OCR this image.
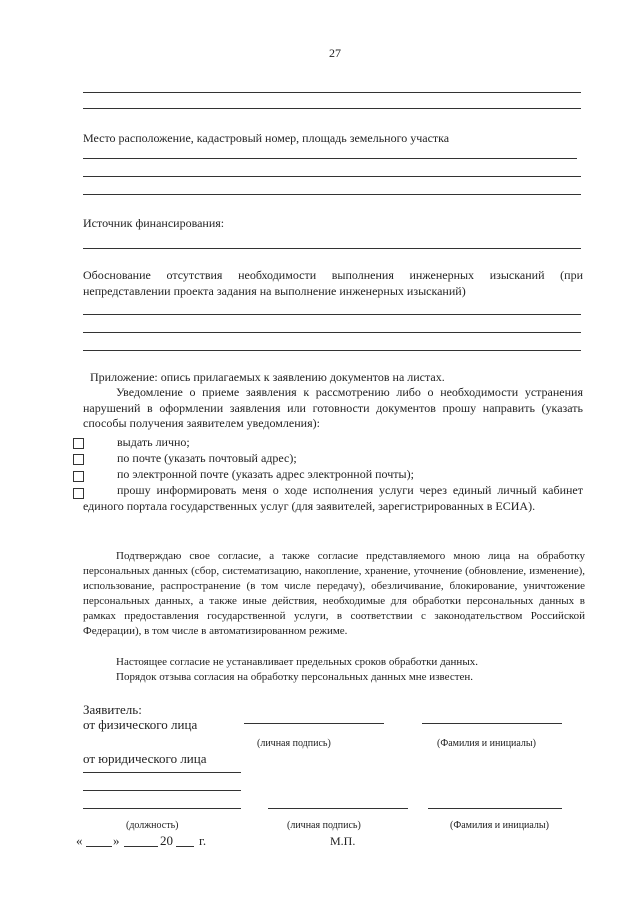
27
Место расположение, кадастровый номер, площадь земельного участка
Источник финансирования:
Обоснование отсутствия необходимости выполнения инженерных изысканий (при непредставлении проекта задания на выполнение инженерных изысканий)
Приложение: опись прилагаемых к заявлению документов на листах.
Уведомление о приеме заявления к рассмотрению либо о необходимости устранения нарушений в оформлении заявления или готовности документов прошу направить (указать способы получения заявителем уведомления):
выдать лично;
по почте (указать почтовый адрес);
по электронной почте (указать адрес электронной почты);
прошу информировать меня о ходе исполнения услуги через единый личный кабинет единого портала государственных услуг (для заявителей, зарегистрированных в ЕСИА).
Подтверждаю свое согласие, а также согласие представляемого мною лица на обработку персональных данных (сбор, систематизацию, накопление, хранение, уточнение (обновление, изменение), использование, распространение (в том числе передачу), обезличивание, блокирование, уничтожение персональных данных, а также иные действия, необходимые для обработки персональных данных в рамках предоставления государственной услуги, в соответствии с законодательством Российской Федерации), в том числе в автоматизированном режиме.
Настоящее согласие не устанавливает предельных сроков обработки данных.
Порядок отзыва согласия на обработку персональных данных мне известен.
Заявитель:
от физического лица
(личная подпись)	(Фамилия и инициалы)
от юридического лица
(должность)	(личная подпись)	(Фамилия и инициалы)
« »	20 г.	М.П.
